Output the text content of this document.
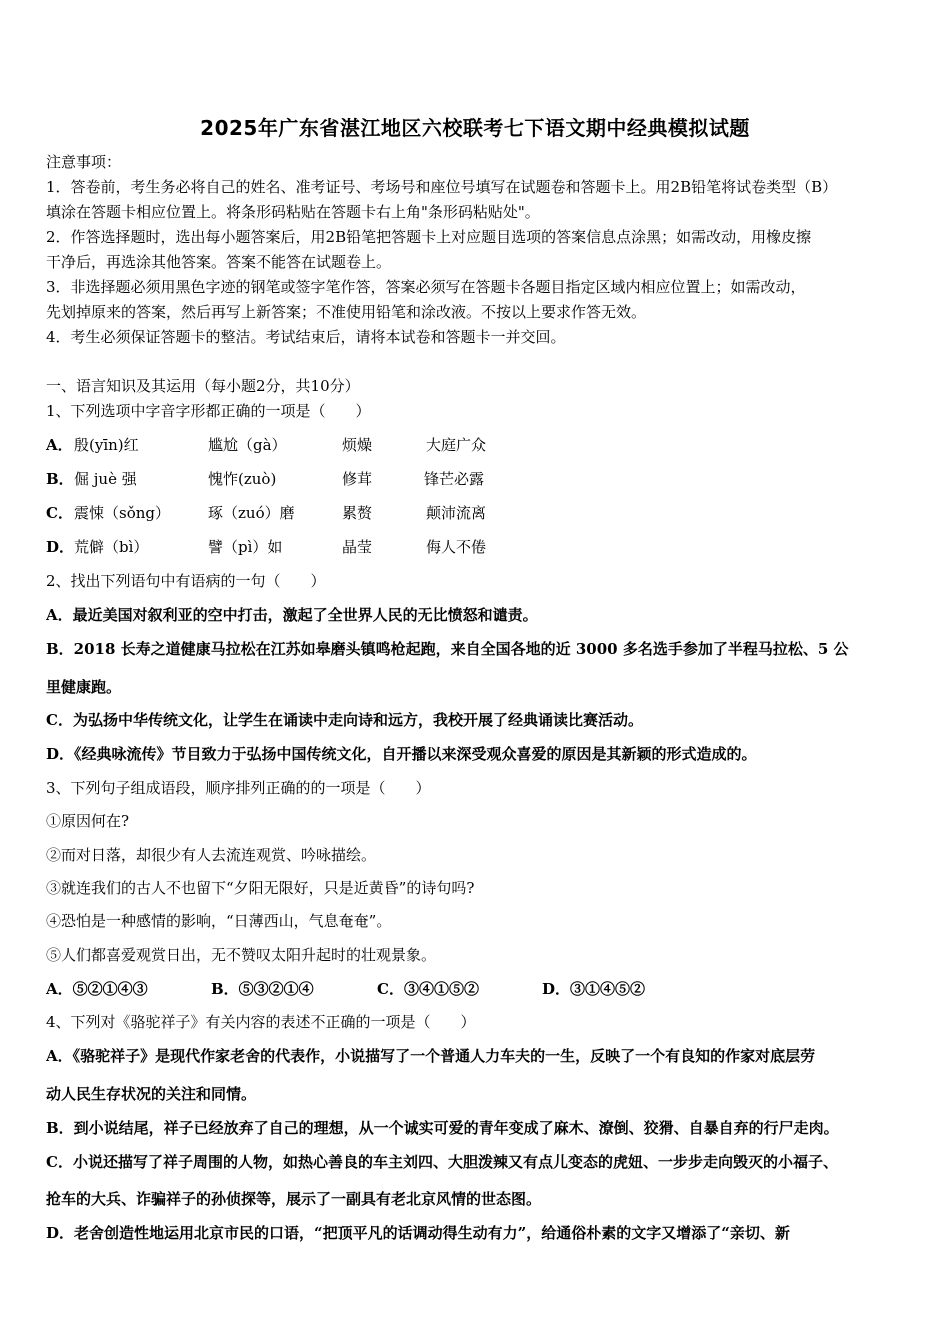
2025年广东省湛江地区六校联考七下语文期中经典模拟试题
注意事项：
1．答卷前，考生务必将自己的姓名、准考证号、考场号和座位号填写在试题卷和答题卡上。用2B铅笔将试卷类型（B）
填涂在答题卡相应位置上。将条形码粘贴在答题卡右上角"条形码粘贴处"。
2．作答选择题时，选出每小题答案后，用2B铅笔把答题卡上对应题目选项的答案信息点涂黑；如需改动，用橡皮擦
干净后，再选涂其他答案。答案不能答在试题卷上。
3．非选择题必须用黑色字迹的钢笔或签字笔作答，答案必须写在答题卡各题目指定区域内相应位置上；如需改动，
先划掉原来的答案，然后再写上新答案；不准使用铅笔和涂改液。不按以上要求作答无效。
4．考生必须保证答题卡的整洁。考试结束后，请将本试卷和答题卡一并交回。
一、语言知识及其运用（每小题2分，共10分）
1、下列选项中字音字形都正确的一项是（　　）
A． 殷(yīn)红	尴尬（gà）	烦燥	大庭广众
B． 倔 juè 强	愧怍(zuò)	修茸	锋芒必露
C． 震悚（sǒng）	琢（zuó）磨	累赘	颠沛流离
D． 荒僻（bì）	譬（pì）如	晶莹	侮人不倦
2、找出下列语句中有语病的一句（　　）
A．最近美国对叙利亚的空中打击，激起了全世界人民的无比愤怒和谴责。
B．2018 长寿之道健康马拉松在江苏如皋磨头镇鸣枪起跑，来自全国各地的近 3000 多名选手参加了半程马拉松、5 公
里健康跑。
C．为弘扬中华传统文化，让学生在诵读中走向诗和远方，我校开展了经典诵读比赛活动。
D．《经典咏流传》节目致力于弘扬中国传统文化，自开播以来深受观众喜爱的原因是其新颖的形式造成的。
3、下列句子组成语段，顺序排列正确的的一项是（　　）
①原因何在?
②而对日落，却很少有人去流连观赏、吟咏描绘。
③就连我们的古人不也留下“夕阳无限好，只是近黄昏”的诗句吗?
④恐怕是一种感情的影响，“日薄西山，气息奄奄”。
⑤人们都喜爱观赏日出，无不赞叹太阳升起时的壮观景象。
A．⑤②①④③	B．⑤③②①④	C．③④①⑤②	D．③①④⑤②
4、下列对《骆驼祥子》有关内容的表述不正确的一项是（　　）
A．《骆驼祥子》是现代作家老舍的代表作，小说描写了一个普通人力车夫的一生，反映了一个有良知的作家对底层劳
动人民生存状况的关注和同情。
B．到小说结尾，祥子已经放弃了自己的理想，从一个诚实可爱的青年变成了麻木、潦倒、狡猾、自暴自弃的行尸走肉。
C．小说还描写了祥子周围的人物，如热心善良的车主刘四、大胆泼辣又有点儿变态的虎妞、一步步走向毁灭的小福子、
抢车的大兵、诈骗祥子的孙侦探等，展示了一副具有老北京风情的世态图。
D．老舍创造性地运用北京市民的口语，“把顶平凡的话调动得生动有力”，给通俗朴素的文字又增添了“亲切、新
